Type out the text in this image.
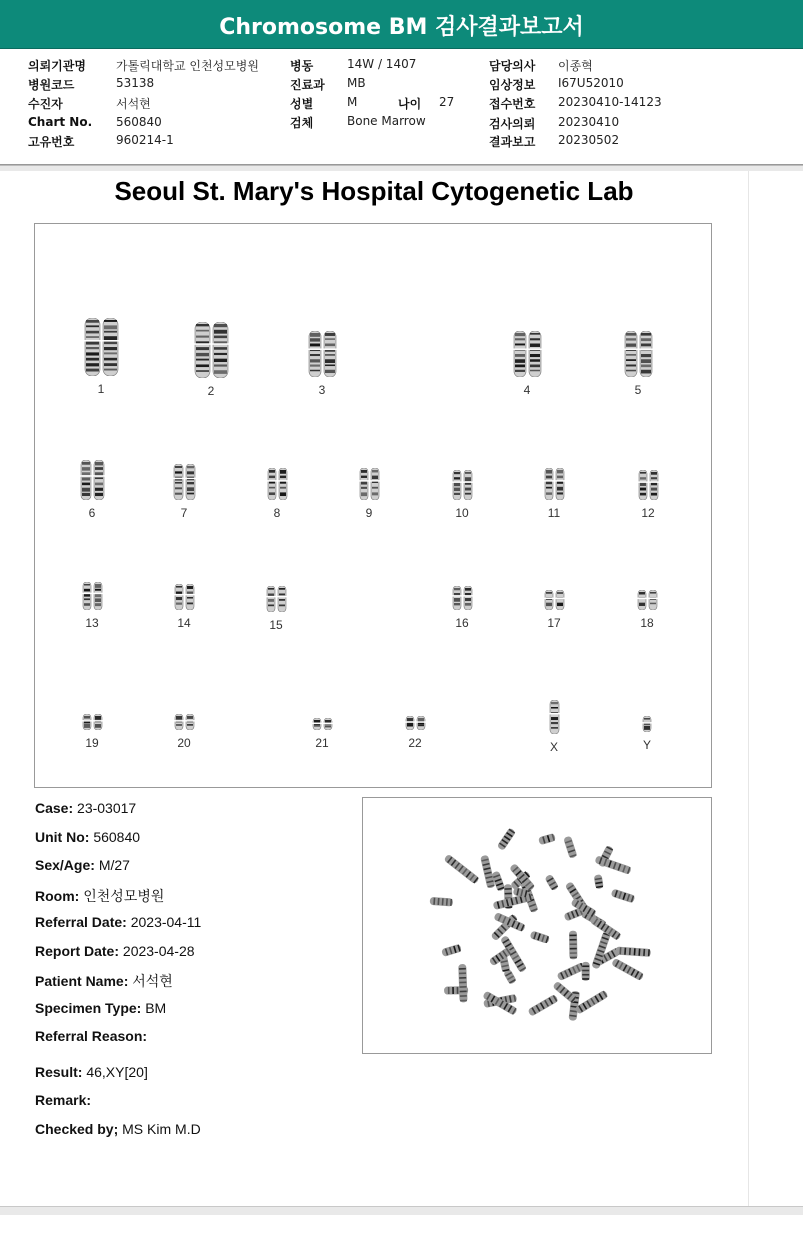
Chromosome BM 검사결과보고서
의뢰기관명	가톨릭대학교 인천성모병원
병원코드	53138
수진자	서석현
Chart No. 560840
고유번호	960214-1
병동	14W / 1407
진료과 MB
성별	M	나이 27
검체	Bone Marrow
담당의사 이종혁
임상정보 I67U52010
접수번호 20230410-14123
검사의뢰 20230410
결과보고 20230502
Seoul St. Mary's Hospital Cytogenetic Lab
1	2	3	4	5
6	7	8	9	10	11	12
13	14	15	16	17	18
19	20	21	22	X	Y
Case: 23-03017
Unit No: 560840
Sex/Age: M/27
Room: 인천성모병원
Referral Date: 2023-04-11
Report Date: 2023-04-28
Patient Name: 서석현
Specimen Type: BM
Referral Reason:
Result: 46,XY[20]
Remark:
Checked by; MS Kim M.D
